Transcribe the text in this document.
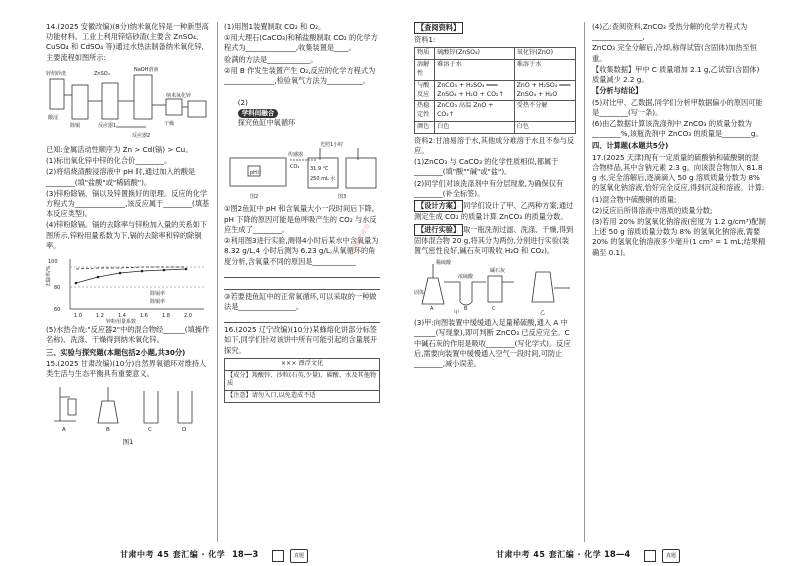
14.(2025 安徽改编)(8分)纳米氧化锌是一种新型高功能材料。工业上利用锌焙砂渣(主要含 ZnSO₄、CuSO₄ 和 CdSO₄ 等)通过水热法制备纳米氧化锌,主要流程如图所示:
锌焙砂渣	ZnSO₄
NaOH溶液
酸浸
除铜	反应器1
反应器2
干燥
纳米氧化锌
已知:金属活动性顺序为 Zn > Cd(镉) > Cu。
(1)标出氧化锌中锌的化合价________。
(2)将焙烧渣酸浸溶液中 pH 时,通过加入的酸是________(填"盐酸"或"稀硫酸")。
(3)锌粉除镉、镉以及锌置换好的原理。反应的化学方程式为______________,该反应属于________(填基本反应类型)。
(4)锌粉除镉。镉的去除率与锌粉加入量的关系如下图所示,锌粉用量系数为下,镉的去除率和锌的除铜率。
100
80
60
1.0	1.2	1.4	1.6	1.8	2.0
去除率/%
锌粉用量系数
除镉率
除铜率
(5)水热合成:"反应器2"中的混合物经______(填操作名称)、洗涤、干燥得到纳米氧化锌。
三、实验与探究题(本题包括2小题,共30分)
15.(2025 甘肃改编)(10分)自然界氧循环对维持人类生活与生态平衡具有重要意义。
A	B	C	D
图1
(1)用图1装置制取 CO₂ 和 O₂。
①用大理石(CaCO₃)和稀盐酸制取 CO₂ 的化学方程式为______________,收集装置是____。
验满的方法是____________。
②用 B 作发生装置产生 O₂,反应的化学方程式为______________,检验氧气方法为__________。

(2)
学科间融合
探究鱼缸中氧循环

光照1小时
传感器
pH计
CO₂ 31.9 ℃
250 mL 水
图2	图3
①图2鱼缸中 pH 和含氧量大小一段时间后下降。pH 下降的原因可能是鱼呼吸产生的 CO₂ 与水反应生成了________。
②利用图3进行实验,测得4小时后某水中含氧量为 8.32 g/L,4 小时后测为 6.23 g/L,从氧循环的角度分析,含氧量不同的原因是____________
③若要使鱼缸中的正常氧循环,可以采取的一种做法是________________。
16.(2025 辽宁改编)(10分)某蜂熔化饼部分标签如下,同学们针对该饼中所有可能引起的含量展开探究。
××× 漂浮文化
【成分】羧酸锌、沙粒(石英,少量)、碳酸、水及其他物质
【注意】请勿入口,以免造成不适
仅限教学使用
【查阅资料】
资料1:
物质	硫酸锌(ZnSO₄)	氧化锌(ZnO)
溶解性	难溶于水	难溶于水
与酸反应	ZnCO₃ + H₂SO₄ ═══ ZnSO₄ + H₂O + CO₂↑	ZnO + H₂SO₄ ═══ ZnSO₄ + H₂O
热稳定性	ZnCO₃ 高温 ZnO + CO₂↑	受热不分解
颜色	白色	白色
资料2:甘油易溶于水,其他成分难溶于水且不参与反应。
(1)ZnCO₃ 与 CaCO₃ 的化学性质相似,都属于________(填"酸""碱"或"盐")。
(2)同学们对该洗涤剂中有分层现象,为确保仅有________(补全标签)。
【设计方案】 同学们设计了甲、乙两种方案,通过测定生成 CO₂ 的质量计算 ZnCO₃ 的质量分数。
【进行实验】 取一瓶洗剂过滤、洗涤、干燥,得到固体混合物 20 g,将其分为两份,分别进行实验(装置气密性良好,碱石灰可吸收 H₂O 和 CO₂)。
甲	乙
固体
稀硫酸
浓硫酸
碱石灰
A	B	C
(3)甲:向图装置中缓缓通入足量稀硫酸,通入 A 中______(写现象),即可判断 ZnCO₃ 已反应完全。C 中碱石灰的作用是吸收________(写化学式)。反应后,需要向装置中缓慢通入空气一段时间,可防止________,减小误差。
(4)乙:查阅资料,ZnCO₃ 受热分解的化学方程式为______________,
ZnCO₃ 完全分解后,冷却,称得试管(含固体)加热至恒重。
【收集数据】甲中 C 质量增加 2.1 g,乙试管(含固体)质量减少 2.2 g。
【分析与结论】
(5)对比甲、乙数据,同学们分析甲数据偏小的原因可能是________(写一条)。
(6)由乙数据计算该洗涤剂中 ZnCO₃ 的质量分数为________%,该瓶洗剂中 ZnCO₃ 的质量是________g。
四、计算题(本题共5分)
17.(2025 天津)现有一定质量的硫酸钠和硫酸铜的混合物样品,其中含钠元素 2.3 g。向该混合物加入 81.8 g 水,完全溶解后,逐滴滴入 50 g 溶质质量分数为 8% 的氢氧化钠溶液,恰好完全反应,得到沉淀和溶液。计算:
(1)混合物中硫酸铜的质量;
(2)反应后所得溶液中溶质的质量分数;
(3)若用 20% 的氢氧化钠溶液(密度为 1.2 g/cm³)配制上述 50 g 溶质质量分数为 8% 的氢氧化钠溶液,需要 20% 的氢氧化钠溶液多少毫升(1 cm³ = 1 mL;结果精确至 0.1)。
甘肃中考 45 套汇编 · 化学 18—3	真题	甘肃中考 45 套汇编 · 化学 18—4	真题
